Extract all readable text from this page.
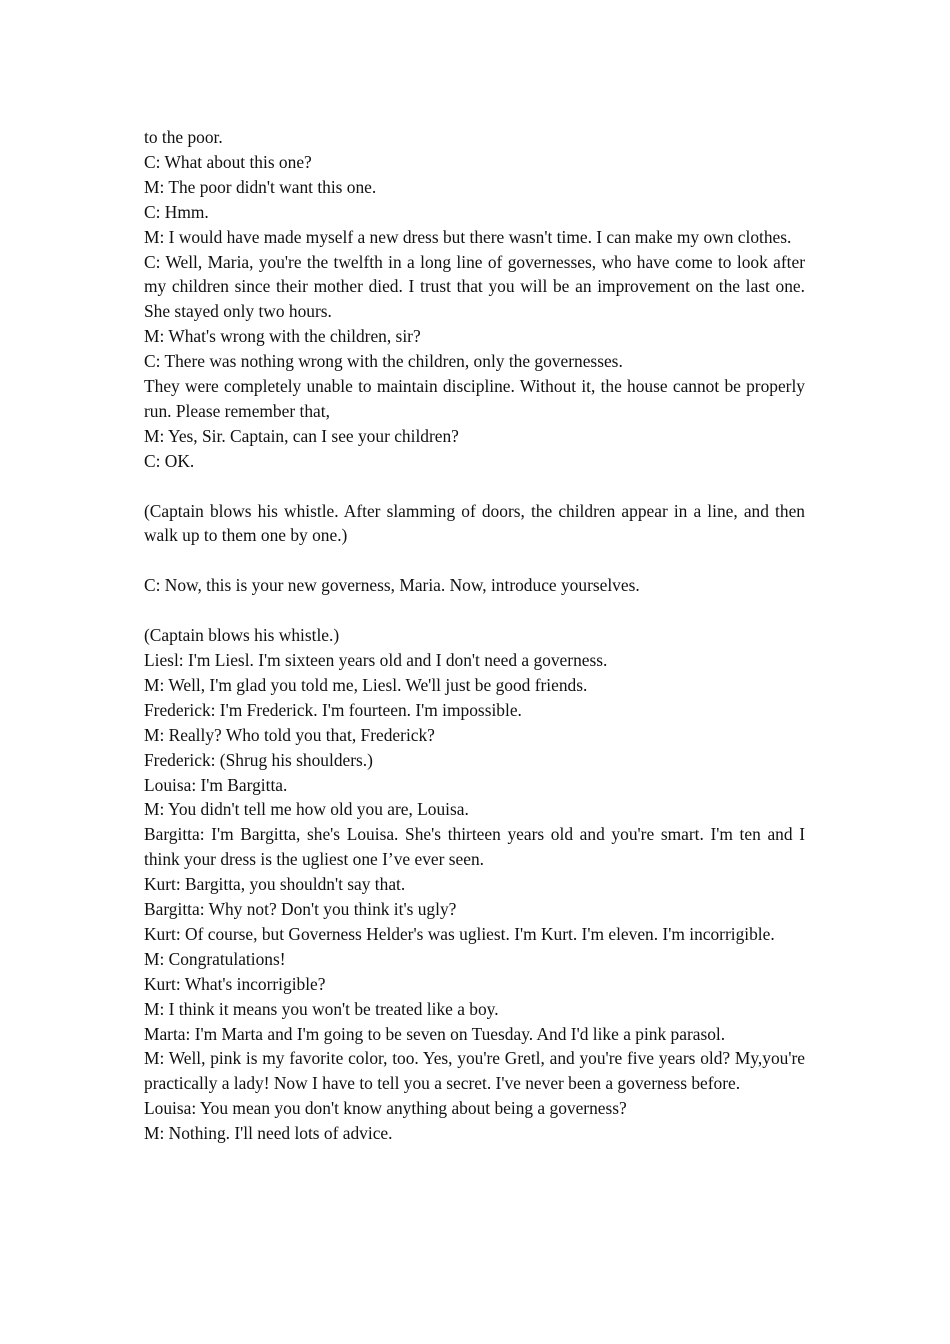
to the poor.

C: What about this one?

M: The poor didn't want this one.

C: Hmm.

M: I would have made myself a new dress but there wasn't time. I can make my own clothes.

C: Well, Maria, you're the twelfth in a long line of governesses, who have come to look after my children since their mother died. I trust that you will be an improvement on the last one. She stayed only two hours.

M: What's wrong with the children, sir?

C: There was nothing wrong with the children, only the governesses.

They were completely unable to maintain discipline. Without it, the house cannot be properly run. Please remember that,

M: Yes, Sir. Captain, can I see your children?

C: OK.

(Captain blows his whistle. After slamming of doors, the children appear in a line, and then walk up to them one by one.)

C: Now, this is your new governess, Maria. Now, introduce yourselves.

(Captain blows his whistle.)

Liesl: I'm Liesl. I'm sixteen years old and I don't need a governess.

M: Well, I'm glad you told me, Liesl. We'll just be good friends.

Frederick: I'm Frederick. I'm fourteen. I'm impossible.

M: Really? Who told you that, Frederick?

Frederick: (Shrug his shoulders.)

Louisa: I'm Bargitta.

M: You didn't tell me how old you are, Louisa.

Bargitta: I'm Bargitta, she's Louisa. She's thirteen years old and you're smart. I'm ten and I think your dress is the ugliest one I’ve ever seen.

Kurt: Bargitta, you shouldn't say that.

Bargitta: Why not? Don't you think it's ugly?

Kurt: Of course, but Governess Helder's was ugliest. I'm Kurt. I'm eleven. I'm incorrigible.

M: Congratulations!

Kurt: What's incorrigible?

M: I think it means you won't be treated like a boy.

Marta: I'm Marta and I'm going to be seven on Tuesday. And I'd like a pink parasol.

M: Well, pink is my favorite color, too. Yes, you're Gretl, and you're five years old? My,you're practically a lady! Now I have to tell you a secret. I've never been a governess before.

Louisa: You mean you don't know anything about being a governess?

M: Nothing. I'll need lots of advice.
